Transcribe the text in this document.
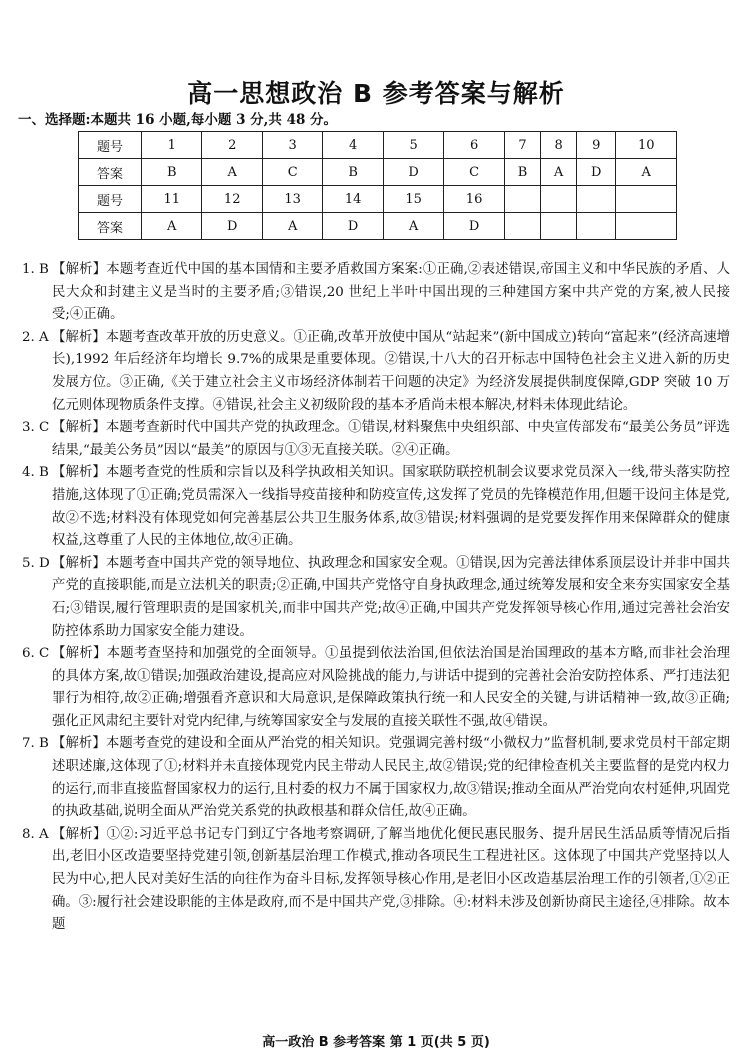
高一思想政治 B 参考答案与解析
一、选择题:本题共 16 小题,每小题 3 分,共 48 分。
题号	1	2	3	4	5	6	7	8	9	10
答案	B	A	C	B	D	C	B	A	D	A
题号	11	12	13	14	15	16				
答案	A	D	A	D	A	D				
1. B 【解析】本题考查近代中国的基本国情和主要矛盾救国方案案:①正确,②表述错误,帝国主义和中华民族的矛盾、人民大众和封建主义是当时的主要矛盾;③错误,20 世纪上半叶中国出现的三种建国方案中共产党的方案,被人民接受;④正确。
2. A 【解析】本题考查改革开放的历史意义。①正确,改革开放使中国从“站起来”(新中国成立)转向“富起来”(经济高速增长),1992 年后经济年均增长 9.7%的成果是重要体现。②错误,十八大的召开标志中国特色社会主义进入新的历史发展方位。③正确,《关于建立社会主义市场经济体制若干问题的决定》为经济发展提供制度保障,GDP 突破 10 万亿元则体现物质条件支撑。④错误,社会主义初级阶段的基本矛盾尚未根本解决,材料未体现此结论。
3. C 【解析】本题考查新时代中国共产党的执政理念。①错误,材料聚焦中央组织部、中央宣传部发布“最美公务员”评选结果,“最美公务员”因以“最美”的原因与①③无直接关联。②④正确。
4. B 【解析】本题考查党的性质和宗旨以及科学执政相关知识。国家联防联控机制会议要求党员深入一线,带头落实防控措施,这体现了①正确;党员需深入一线指导疫苗接种和防疫宣传,这发挥了党员的先锋模范作用,但题干设问主体是党,故②不选;材料没有体现党如何完善基层公共卫生服务体系,故③错误;材料强调的是党要发挥作用来保障群众的健康权益,这尊重了人民的主体地位,故④正确。
5. D 【解析】本题考查中国共产党的领导地位、执政理念和国家安全观。①错误,因为完善法律体系顶层设计并非中国共产党的直接职能,而是立法机关的职责;②正确,中国共产党恪守自身执政理念,通过统筹发展和安全来夯实国家安全基石;③错误,履行管理职责的是国家机关,而非中国共产党;故④正确,中国共产党发挥领导核心作用,通过完善社会治安防控体系助力国家安全能力建设。
6. C 【解析】本题考查坚持和加强党的全面领导。①虽提到依法治国,但依法治国是治国理政的基本方略,而非社会治理的具体方案,故①错误;加强政治建设,提高应对风险挑战的能力,与讲话中提到的完善社会治安防控体系、严打违法犯罪行为相符,故②正确;增强看齐意识和大局意识,是保障政策执行统一和人民安全的关键,与讲话精神一致,故③正确;强化正风肃纪主要针对党内纪律,与统筹国家安全与发展的直接关联性不强,故④错误。
7. B 【解析】本题考查党的建设和全面从严治党的相关知识。党强调完善村级“小微权力”监督机制,要求党员村干部定期述职述廉,这体现了①;材料并未直接体现党内民主带动人民民主,故②错误;党的纪律检查机关主要监督的是党内权力的运行,而非直接监督国家权力的运行,且村委的权力不属于国家权力,故③错误;推动全面从严治党向农村延伸,巩固党的执政基础,说明全面从严治党关系党的执政根基和群众信任,故④正确。
8. A 【解析】①②:习近平总书记专门到辽宁各地考察调研,了解当地优化便民惠民服务、提升居民生活品质等情况后指出,老旧小区改造要坚持党建引领,创新基层治理工作模式,推动各项民生工程进社区。这体现了中国共产党坚持以人民为中心,把人民对美好生活的向往作为奋斗目标,发挥领导核心作用,是老旧小区改造基层治理工作的引领者,①②正确。③:履行社会建设职能的主体是政府,而不是中国共产党,③排除。④:材料未涉及创新协商民主途径,④排除。故本题
高一政治 B 参考答案 第 1 页(共 5 页)
